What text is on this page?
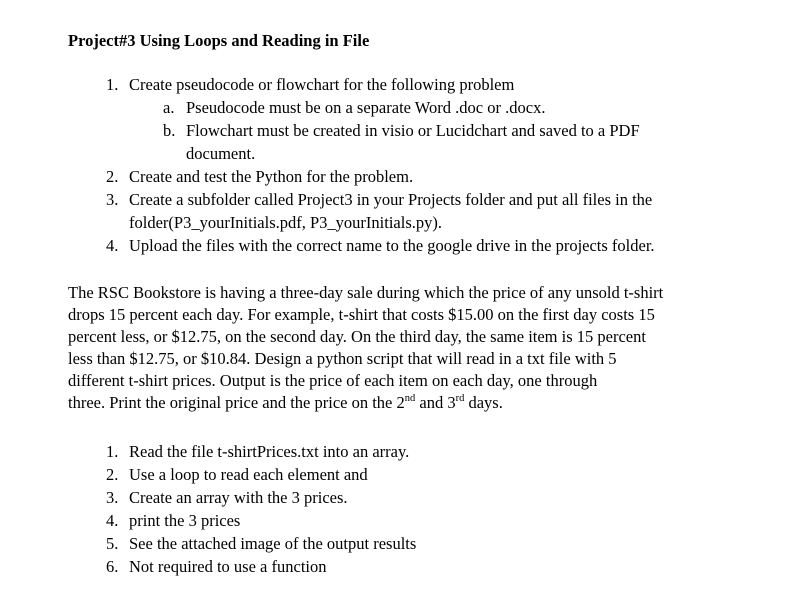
Project#3 Using Loops and Reading in File
1. Create pseudocode or flowchart for the following problem
a. Pseudocode must be on a separate Word .doc or .docx.
b. Flowchart must be created in visio or Lucidchart and saved to a PDF
document.
2. Create and test the Python for the problem.
3. Create a subfolder called Project3 in your Projects folder and put all files in the
folder(P3_yourInitials.pdf, P3_yourInitials.py).
4. Upload the files with the correct name to the google drive in the projects folder.
The RSC Bookstore is having a three-day sale during which the price of any unsold t-shirt
drops 15 percent each day. For example, t-shirt that costs $15.00 on the first day costs 15
percent less, or $12.75, on the second day. On the third day, the same item is 15 percent
less than $12.75, or $10.84. Design a python script that will read in a txt file with 5
different t-shirt prices. Output is the price of each item on each day, one through
three. Print the original price and the price on the 2nd and 3rd days.
1. Read the file t-shirtPrices.txt into an array.
2. Use a loop to read each element and
3. Create an array with the 3 prices.
4. print the 3 prices
5. See the attached image of the output results
6. Not required to use a function
